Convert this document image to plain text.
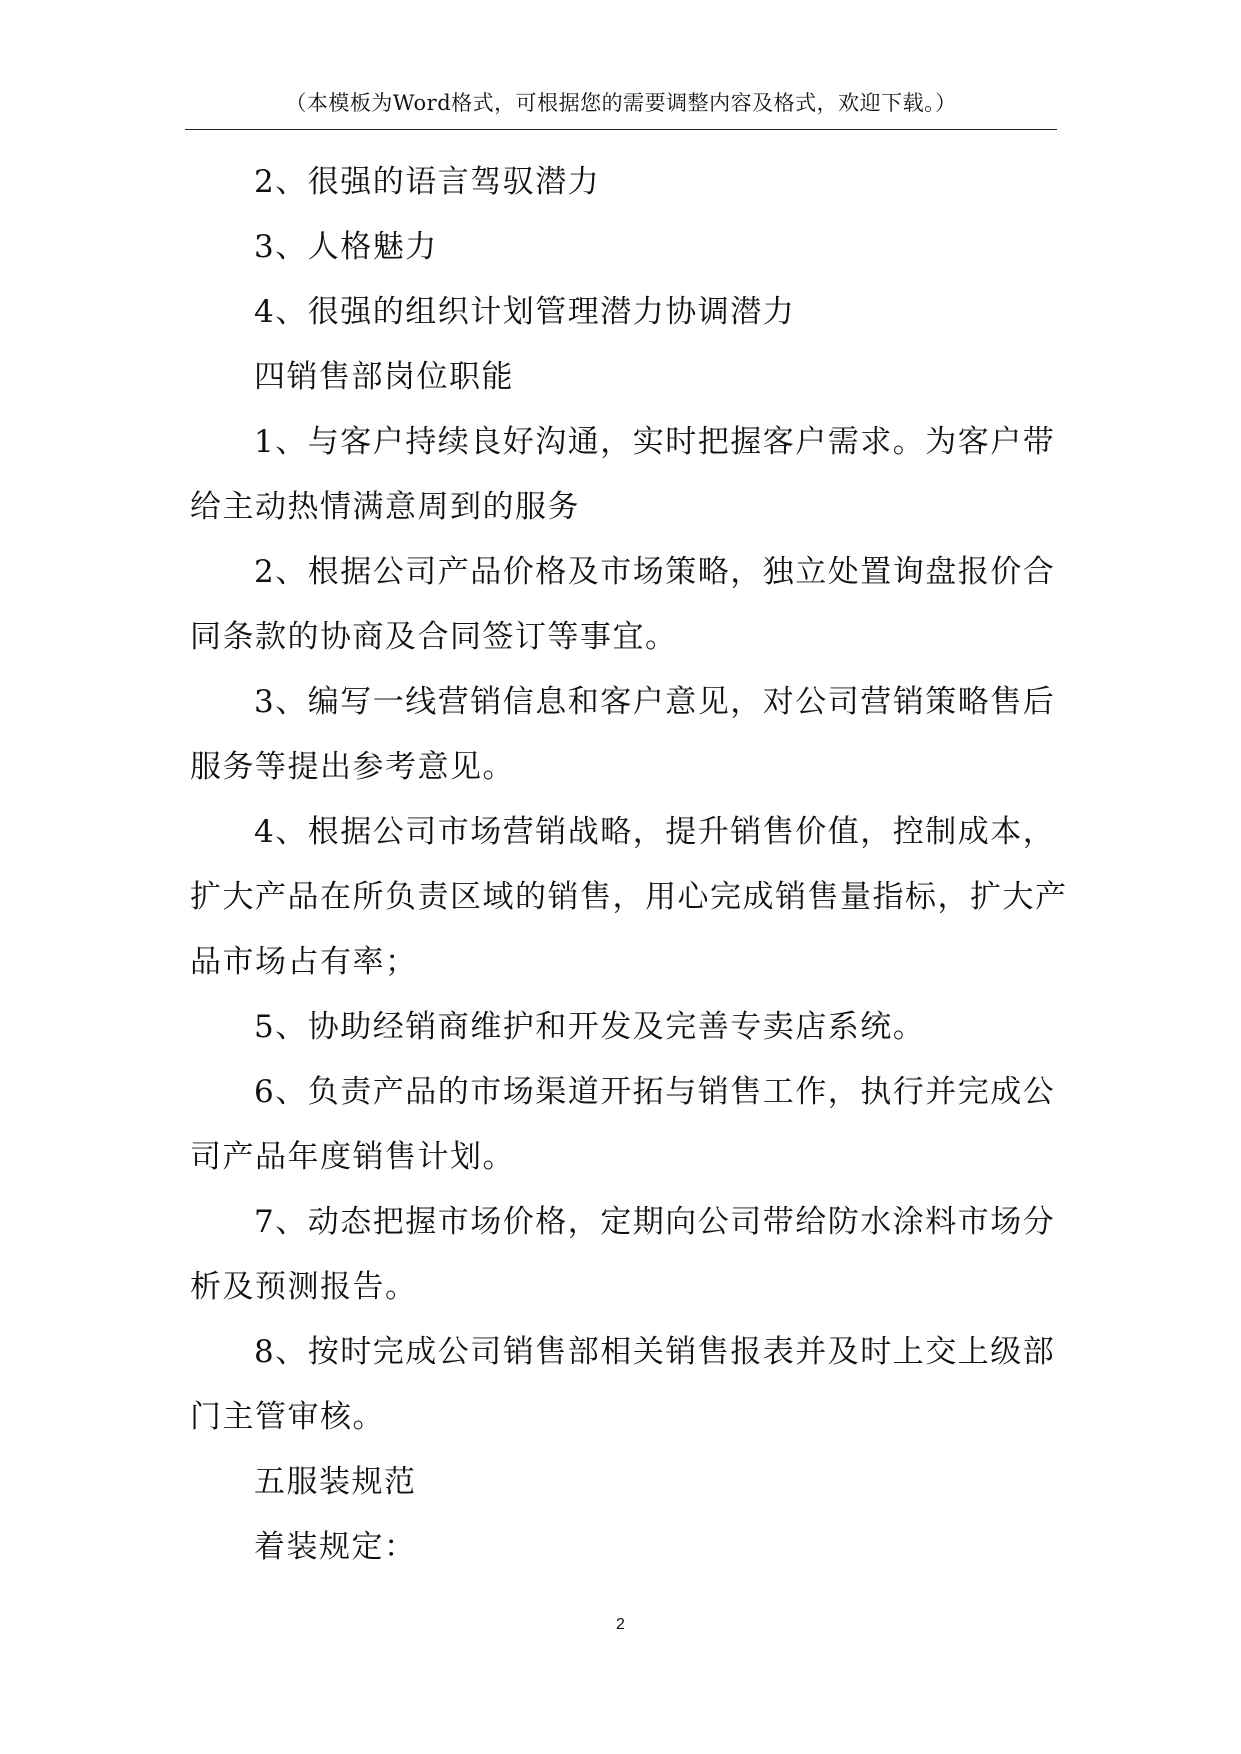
（本模板为Word格式，可根据您的需要调整内容及格式，欢迎下载。）

2、很强的语言驾驭潜力

3、人格魅力

4、很强的组织计划管理潜力协调潜力

四销售部岗位职能

1、与客户持续良好沟通，实时把握客户需求。为客户带给主动热情满意周到的服务

2、根据公司产品价格及市场策略，独立处置询盘报价合同条款的协商及合同签订等事宜。

3、编写一线营销信息和客户意见，对公司营销策略售后服务等提出参考意见。

4、根据公司市场营销战略，提升销售价值，控制成本，扩大产品在所负责区域的销售，用心完成销售量指标，扩大产品市场占有率；

5、协助经销商维护和开发及完善专卖店系统。

6、负责产品的市场渠道开拓与销售工作，执行并完成公司产品年度销售计划。

7、动态把握市场价格，定期向公司带给防水涂料市场分析及预测报告。

8、按时完成公司销售部相关销售报表并及时上交上级部门主管审核。

五服装规范

着装规定：

2
